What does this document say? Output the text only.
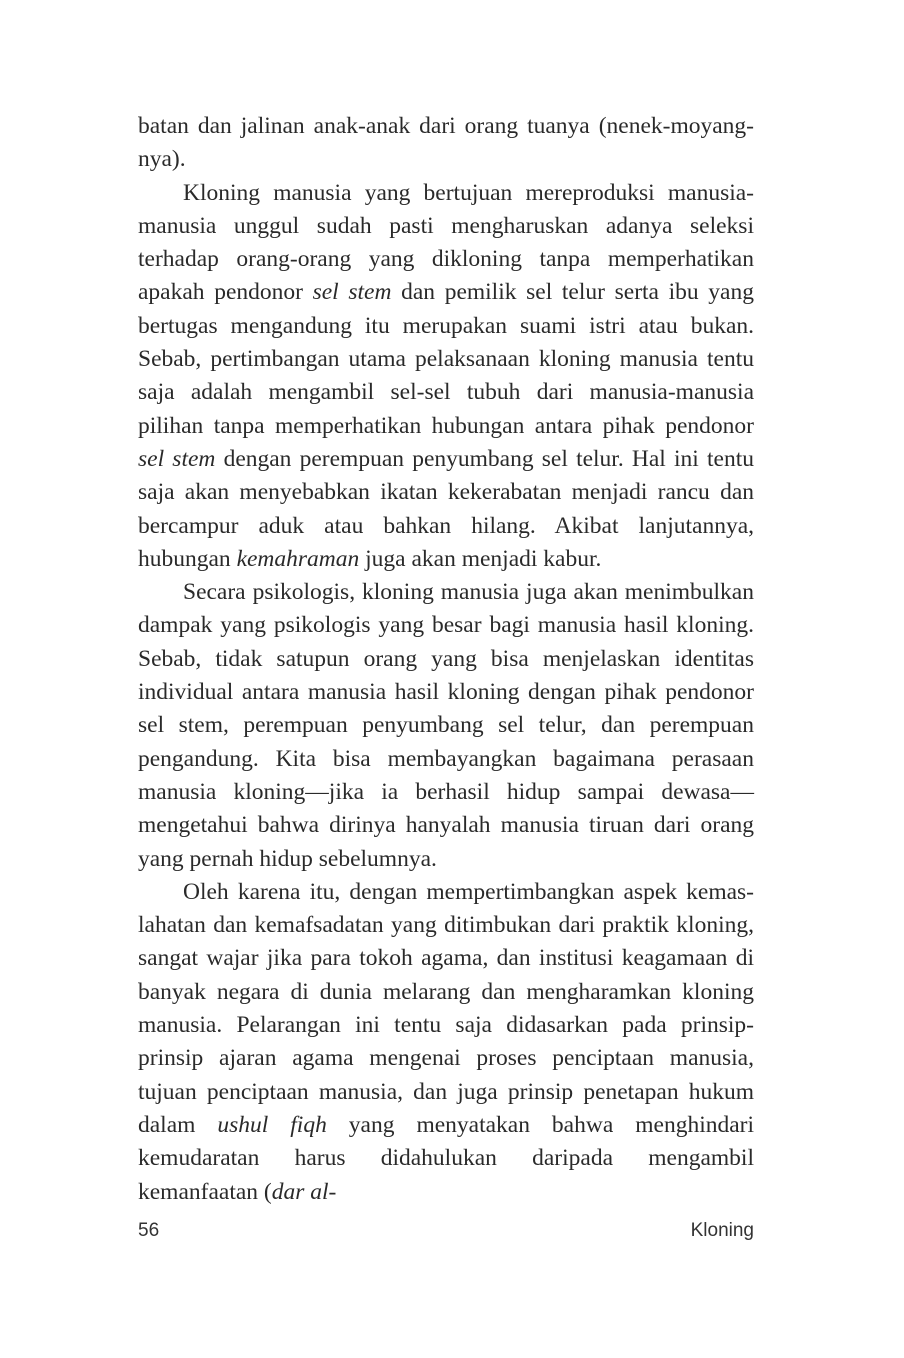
batan dan jalinan anak-anak dari orang tuanya (nenek-moyang-nya).

Kloning manusia yang bertujuan mereproduksi manusia-manusia unggul sudah pasti mengharuskan adanya seleksi terhadap orang-orang yang dikloning tanpa memperhatikan apakah pendonor sel stem dan pemilik sel telur serta ibu yang bertugas mengandung itu merupakan suami istri atau bukan. Sebab, pertimbangan utama pelaksanaan kloning manusia tentu saja adalah mengambil sel-sel tubuh dari manusia-manusia pilihan tanpa memperhatikan hubungan antara pihak pendonor sel stem dengan perempuan penyumbang sel telur. Hal ini tentu saja akan menyebabkan ikatan kekerabatan menjadi rancu dan bercampur aduk atau bahkan hilang. Akibat lanjutannya, hubungan kemahraman juga akan menjadi kabur.

Secara psikologis, kloning manusia juga akan menimbulkan dampak yang psikologis yang besar bagi manusia hasil kloning. Sebab, tidak satupun orang yang bisa menjelaskan identitas individual antara manusia hasil kloning dengan pihak pendonor sel stem, perempuan penyumbang sel telur, dan perempuan pengandung. Kita bisa membayangkan bagaimana perasaan manusia kloning—jika ia berhasil hidup sampai dewasa—mengetahui bahwa dirinya hanyalah manusia tiruan dari orang yang pernah hidup sebelumnya.

Oleh karena itu, dengan mempertimbangkan aspek kemas-lahatan dan kemafsadatan yang ditimbukan dari praktik kloning, sangat wajar jika para tokoh agama, dan institusi keagamaan di banyak negara di dunia melarang dan mengharamkan kloning manusia. Pelarangan ini tentu saja didasarkan pada prinsip-prinsip ajaran agama mengenai proses penciptaan manusia, tujuan penciptaan manusia, dan juga prinsip penetapan hukum dalam ushul fiqh yang menyatakan bahwa menghindari kemudaratan harus didahulukan daripada mengambil kemanfaatan (dar al-

56	Kloning
